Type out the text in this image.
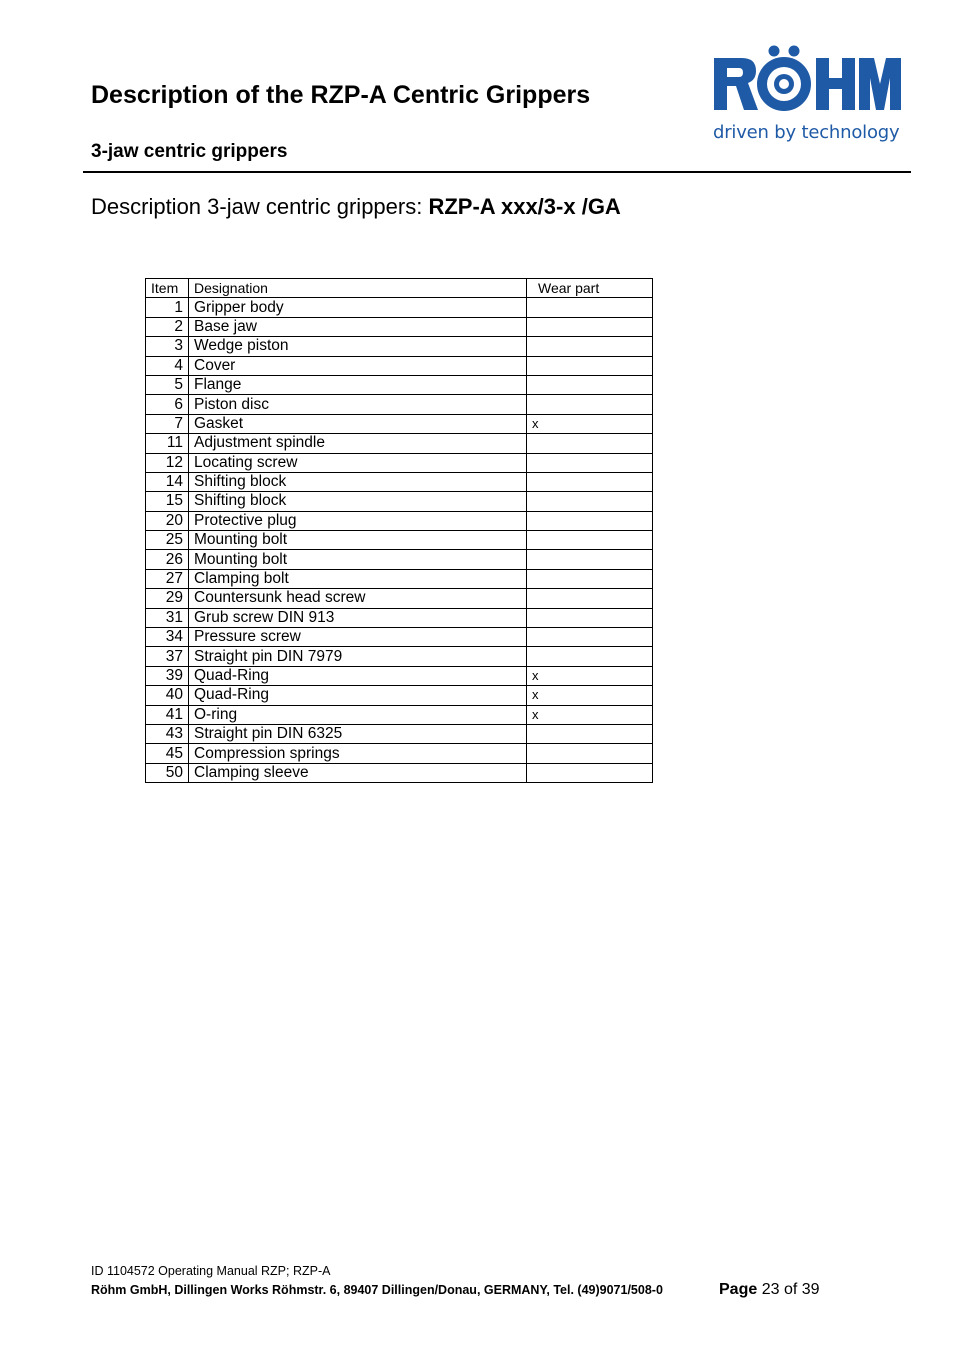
Description of the RZP-A Centric Grippers
3-jaw centric grippers
driven by technology
Description 3-jaw centric grippers: RZP-A xxx/3-x /GA
Item	Designation	Wear part
1	Gripper body	
2	Base jaw	
3	Wedge piston	
4	Cover	
5	Flange	
6	Piston disc	
7	Gasket	x
11	Adjustment spindle	
12	Locating screw	
14	Shifting block	
15	Shifting block	
20	Protective plug	
25	Mounting bolt	
26	Mounting bolt	
27	Clamping bolt	
29	Countersunk head screw	
31	Grub screw DIN 913	
34	Pressure screw	
37	Straight pin DIN 7979	
39	Quad-Ring	x
40	Quad-Ring	x
41	O-ring	x
43	Straight pin DIN 6325	
45	Compression springs	
50	Clamping sleeve	
ID 1104572 Operating Manual RZP; RZP-A
Röhm GmbH, Dillingen Works Röhmstr. 6, 89407 Dillingen/Donau, GERMANY, Tel. (49)9071/508-0	Page 23 of 39
